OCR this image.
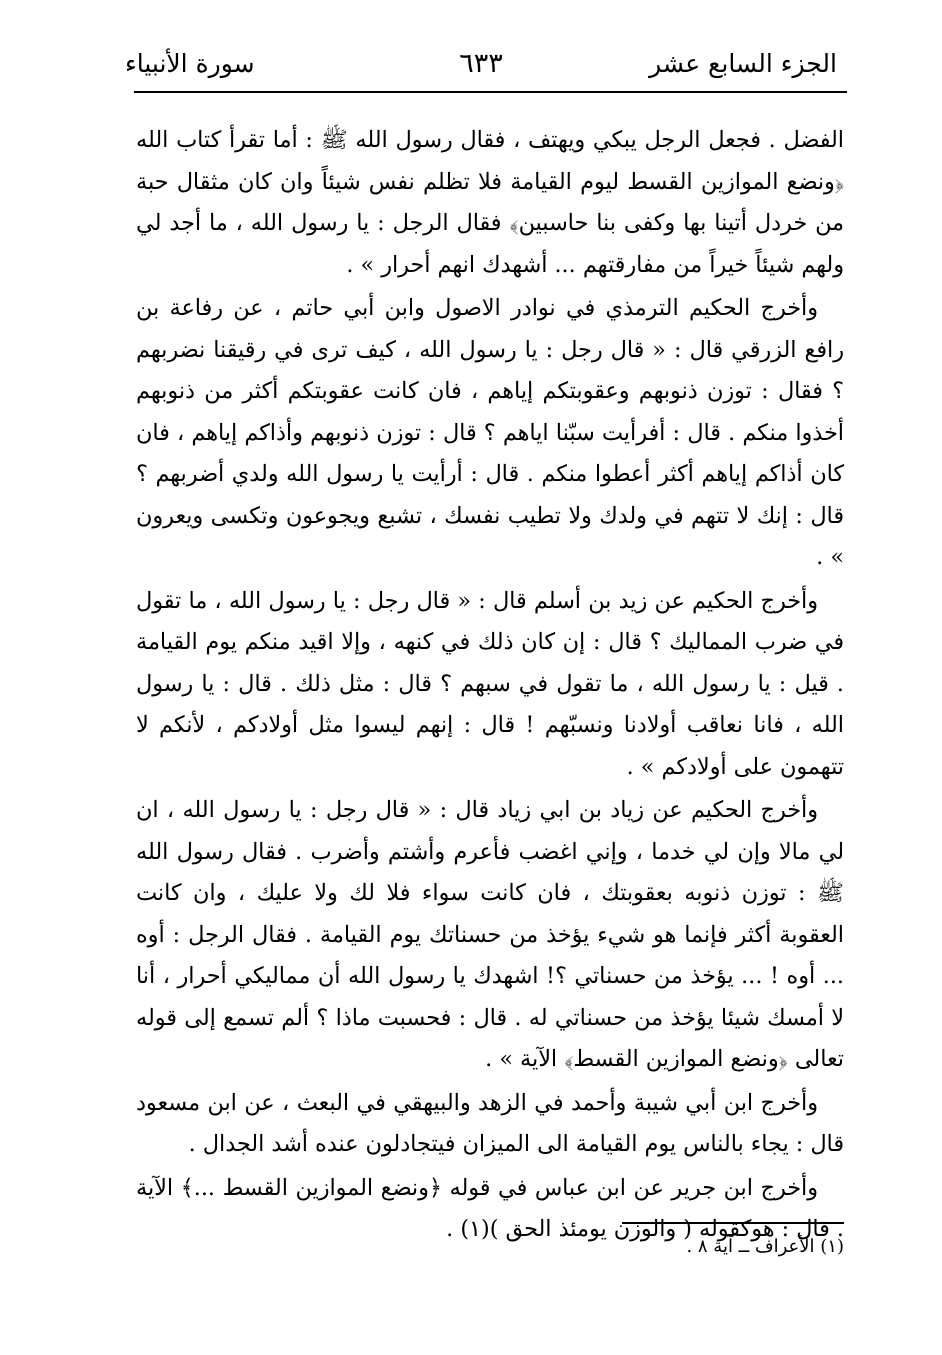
الجزء السابع عشر
٦٣٣
سورة الأنبياء

الفضل . فجعل الرجل يبكي ويهتف ، فقال رسول الله ﷺ : أما تقرأ كتاب الله ﴿ونضع الموازين القسط ليوم القيامة فلا تظلم نفس شيئاً وان كان مثقال حبة من خردل أتينا بها وكفى بنا حاسبين﴾ فقال الرجل : يا رسول الله ، ما أجد لي ولهم شيئاً خيراً من مفارقتهم ... أشهدك انهم أحرار » .

وأخرج الحكيم الترمذي في نوادر الاصول وابن أبي حاتم ، عن رفاعة بن رافع الزرقي قال : « قال رجل : يا رسول الله ، كيف ترى في رقيقنا نضربهم ؟ فقال : توزن ذنوبهم وعقوبتكم إياهم ، فان كانت عقوبتكم أكثر من ذنوبهم أخذوا منكم . قال : أفرأيت سبّنا اياهم ؟ قال : توزن ذنوبهم وأذاكم إياهم ، فان كان أذاكم إياهم أكثر أعطوا منكم . قال : أرأيت يا رسول الله ولدي أضربهم ؟ قال : إنك لا تتهم في ولدك ولا تطيب نفسك ، تشبع ويجوعون وتكسى ويعرون » .

وأخرج الحكيم عن زيد بن أسلم قال : « قال رجل : يا رسول الله ، ما تقول في ضرب المماليك ؟ قال : إن كان ذلك في كنهه ، وإلا اقيد منكم يوم القيامة . قيل : يا رسول الله ، ما تقول في سبهم ؟ قال : مثل ذلك . قال : يا رسول الله ، فانا نعاقب أولادنا ونسبّهم ! قال : إنهم ليسوا مثل أولادكم ، لأنكم لا تتهمون على أولادكم » .

وأخرج الحكيم عن زياد بن ابي زياد قال : « قال رجل : يا رسول الله ، ان لي مالا وإن لي خدما ، وإني اغضب فأعرم وأشتم وأضرب . فقال رسول الله ﷺ : توزن ذنوبه بعقوبتك ، فان كانت سواء فلا لك ولا عليك ، وان كانت العقوبة أكثر فإنما هو شيء يؤخذ من حسناتك يوم القيامة . فقال الرجل : أوه ... أوه ! ... يؤخذ من حسناتي ؟! اشهدك يا رسول الله أن مماليكي أحرار ، أنا لا أمسك شيئا يؤخذ من حسناتي له . قال : فحسبت ماذا ؟ ألم تسمع إلى قوله تعالى ﴿ونضع الموازين القسط﴾ الآية » .

وأخرج ابن أبي شيبة وأحمد في الزهد والبيهقي في البعث ، عن ابن مسعود قال : يجاء بالناس يوم القيامة الى الميزان فيتجادلون عنده أشد الجدال .

وأخرج ابن جرير عن ابن عباس في قوله ﴿ونضع الموازين القسط ...﴾ الآية . قال : هوكقوله ( والوزن يومئذ الحق )(١) .

(١) الأعراف ــ آية ٨ .
